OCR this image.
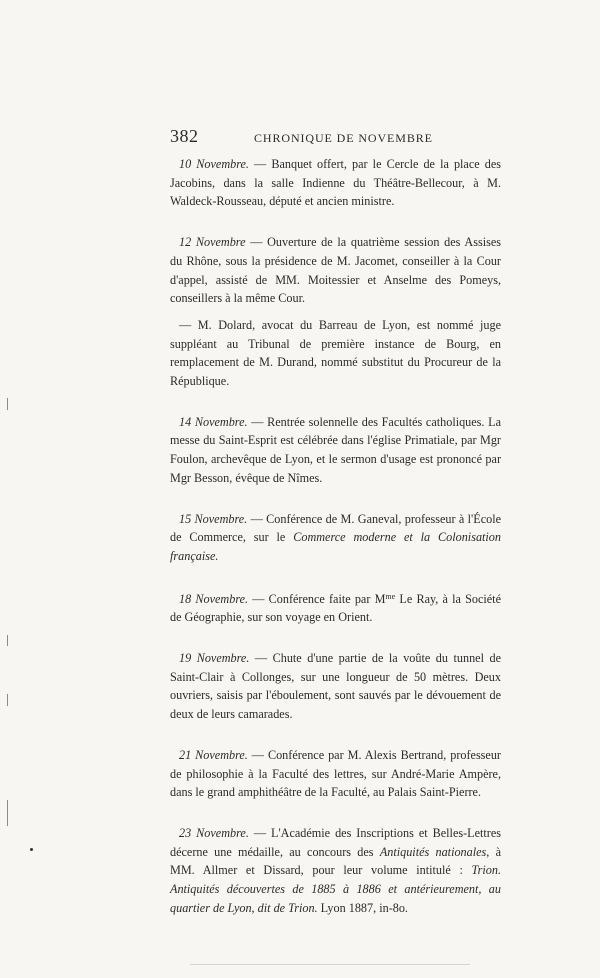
382	CHRONIQUE DE NOVEMBRE

10 Novembre. — Banquet offert, par le Cercle de la place des Jacobins, dans la salle Indienne du Théâtre-Bellecour, à M. Waldeck-Rousseau, député et ancien ministre.

12 Novembre — Ouverture de la quatrième session des Assises du Rhône, sous la présidence de M. Jacomet, conseiller à la Cour d'appel, assisté de MM. Moitessier et Anselme des Pomeys, conseillers à la même Cour.

— M. Dolard, avocat du Barreau de Lyon, est nommé juge suppléant au Tribunal de première instance de Bourg, en remplacement de M. Durand, nommé substitut du Procureur de la République.

14 Novembre. — Rentrée solennelle des Facultés catholiques. La messe du Saint-Esprit est célébrée dans l'église Primatiale, par Mgr Foulon, archevêque de Lyon, et le sermon d'usage est prononcé par Mgr Besson, évêque de Nîmes.

15 Novembre. — Conférence de M. Ganeval, professeur à l'École de Commerce, sur le Commerce moderne et la Colonisation française.

18 Novembre. — Conférence faite par $M^{me}$ Le Ray, à la Société de Géographie, sur son voyage en Orient.

19 Novembre. — Chute d'une partie de la voûte du tunnel de Saint-Clair à Collonges, sur une longueur de 50 mètres. Deux ouvriers, saisis par l'éboulement, sont sauvés par le dévouement de deux de leurs camarades.

21 Novembre. — Conférence par M. Alexis Bertrand, professeur de philosophie à la Faculté des lettres, sur André-Marie Ampère, dans le grand amphithéâtre de la Faculté, au Palais Saint-Pierre.

23 Novembre. — L'Académie des Inscriptions et Belles-Lettres décerne une médaille, au concours des Antiquités nationales, à MM. Allmer et Dissard, pour leur volume intitulé : Trion. Antiquités découvertes de 1885 à 1886 et antérieurement, au quartier de Lyon, dit de Trion. Lyon 1887, in-8o.
